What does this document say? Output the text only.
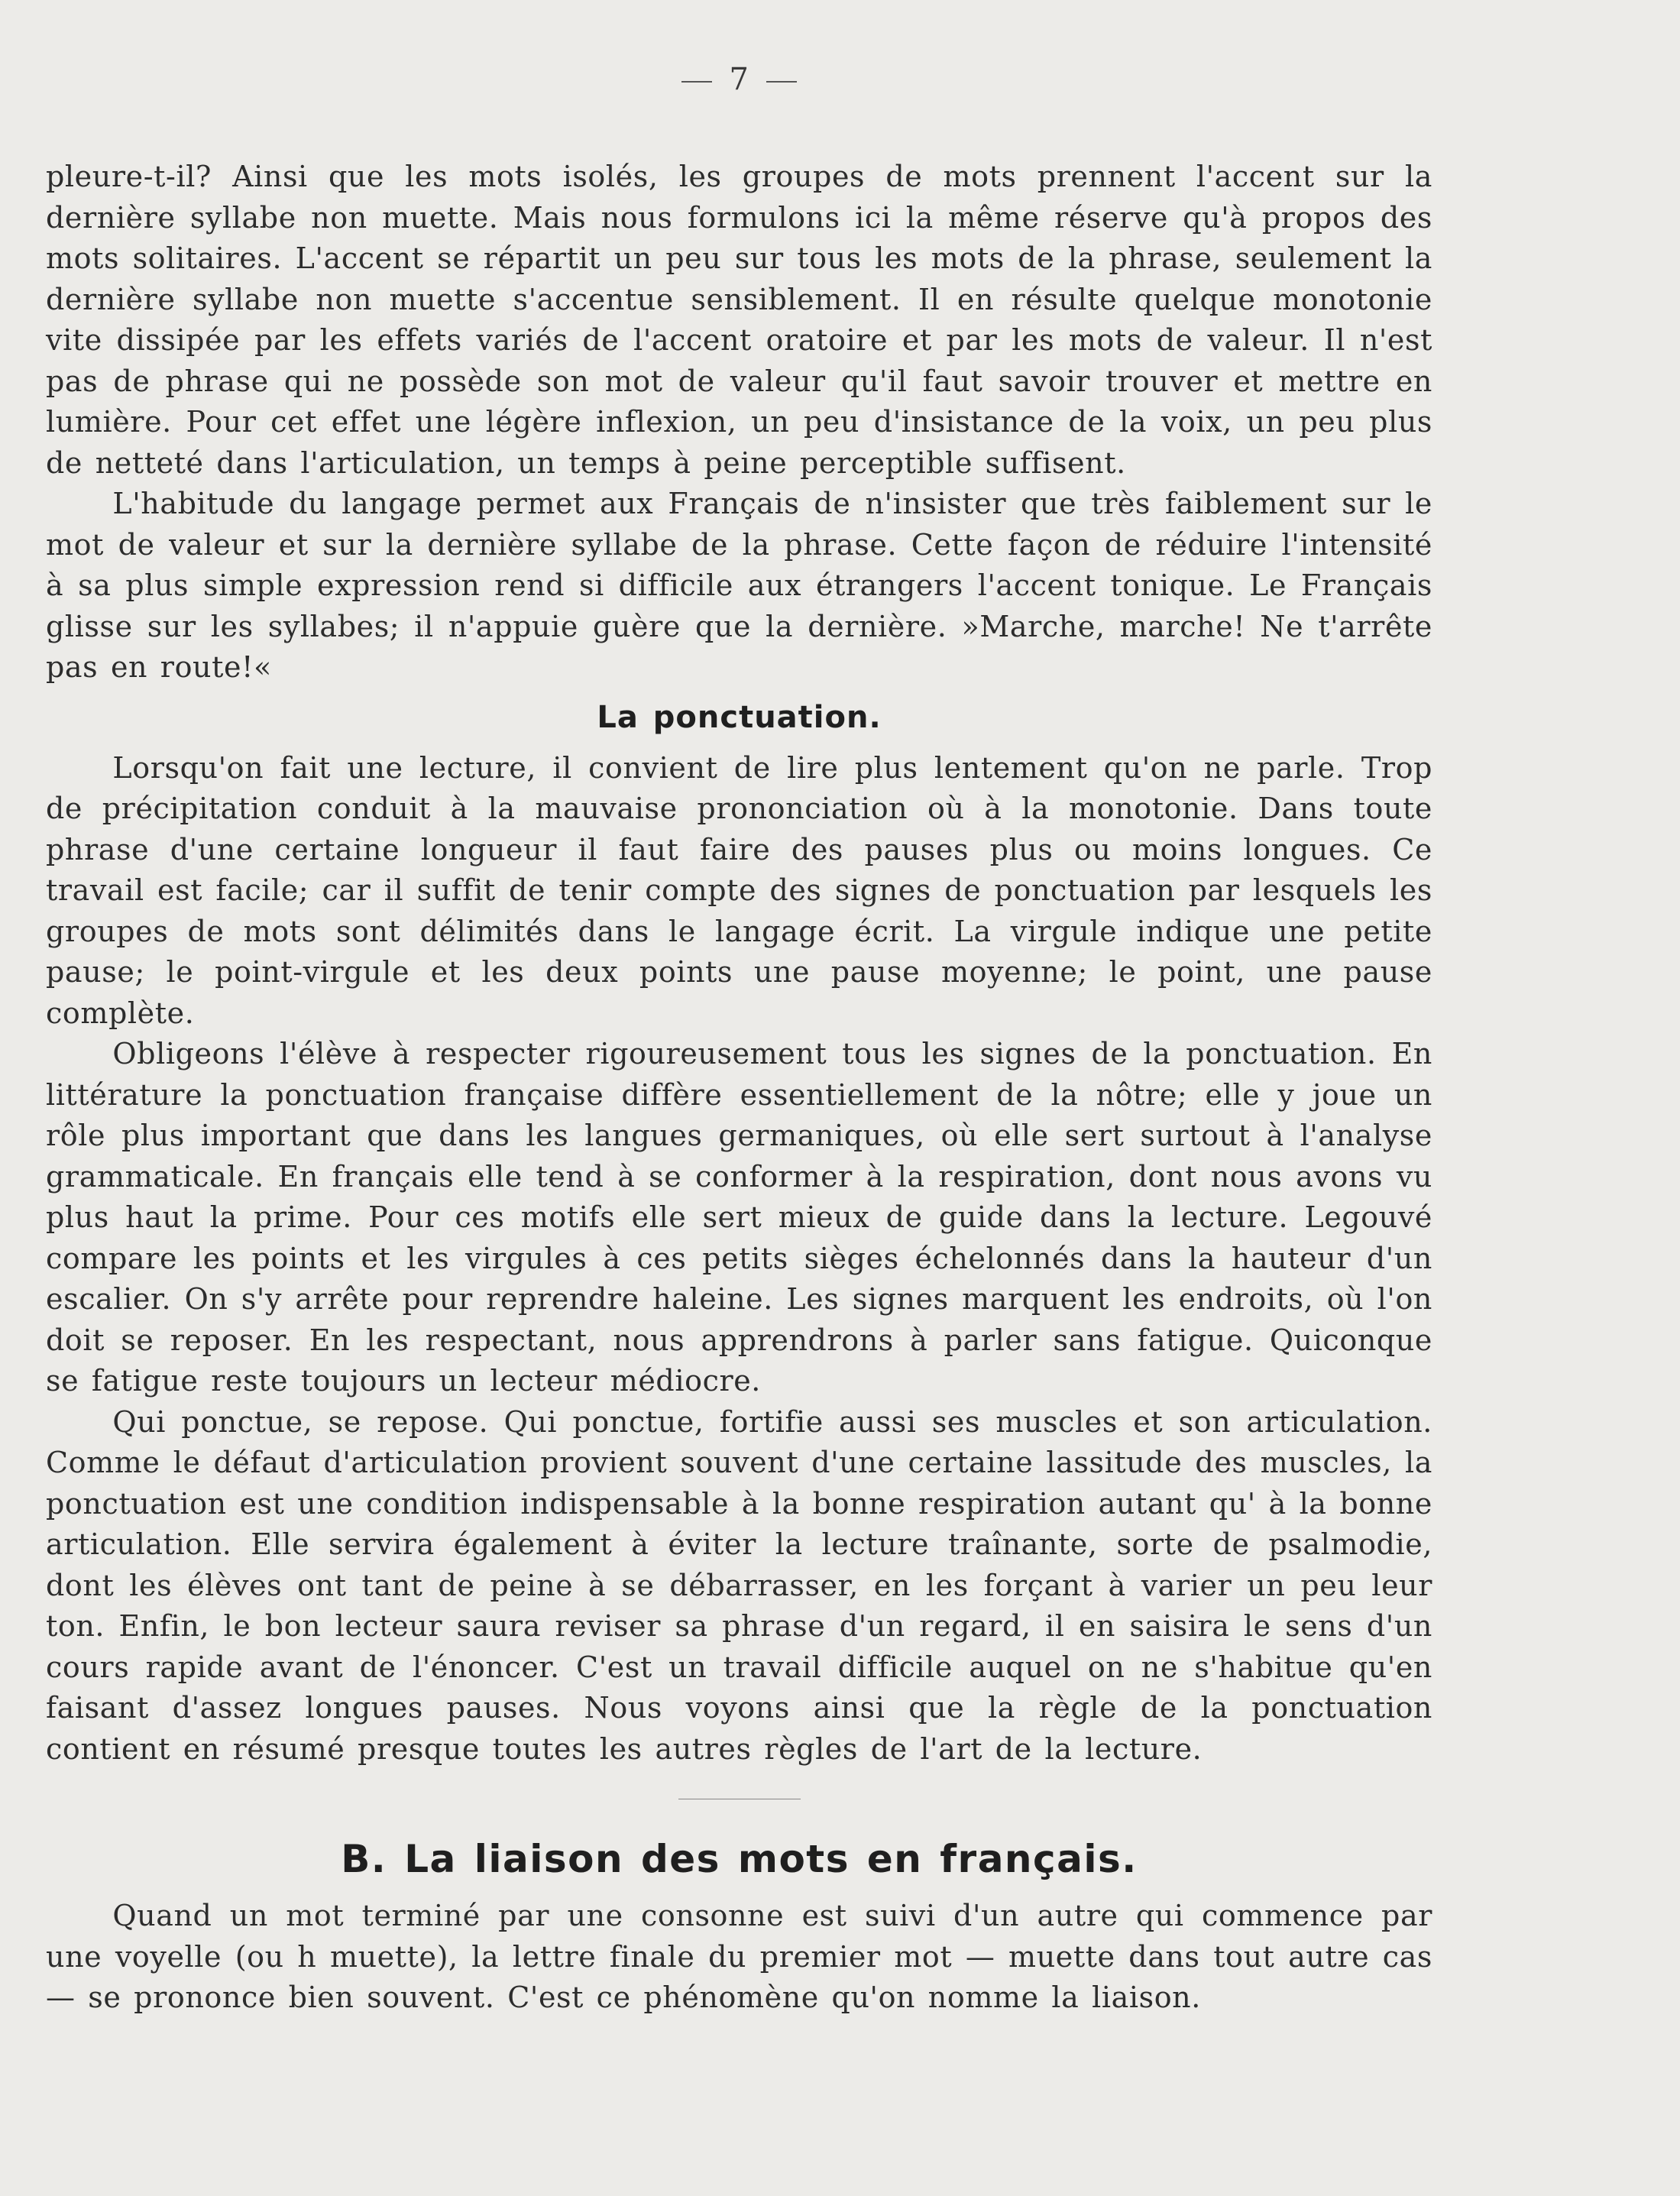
7

pleure-t-il? Ainsi que les mots isolés, les groupes de mots prennent l'accent sur la dernière syllabe non muette. Mais nous formulons ici la même réserve qu'à propos des mots solitaires. L'accent se répartit un peu sur tous les mots de la phrase, seulement la dernière syllabe non muette s'accentue sensiblement. Il en résulte quelque monotonie vite dissipée par les effets variés de l'accent oratoire et par les mots de valeur. Il n'est pas de phrase qui ne possède son mot de valeur qu'il faut savoir trouver et mettre en lumière. Pour cet effet une légère inflexion, un peu d'insistance de la voix, un peu plus de netteté dans l'articulation, un temps à peine perceptible suffisent.

L'habitude du langage permet aux Français de n'insister que très faiblement sur le mot de valeur et sur la dernière syllabe de la phrase. Cette façon de réduire l'intensité à sa plus simple expression rend si difficile aux étrangers l'accent tonique. Le Français glisse sur les syllabes; il n'appuie guère que la dernière. »Marche, marche! Ne t'arrête pas en route!«

La ponctuation.

Lorsqu'on fait une lecture, il convient de lire plus lentement qu'on ne parle. Trop de précipitation conduit à la mauvaise prononciation où à la monotonie. Dans toute phrase d'une certaine longueur il faut faire des pauses plus ou moins longues. Ce travail est facile; car il suffit de tenir compte des signes de ponctuation par lesquels les groupes de mots sont délimités dans le langage écrit. La virgule indique une petite pause; le point-virgule et les deux points une pause moyenne; le point, une pause complète.

Obligeons l'élève à respecter rigoureusement tous les signes de la ponctuation. En littérature la ponctuation française diffère essentiellement de la nôtre; elle y joue un rôle plus important que dans les langues germaniques, où elle sert surtout à l'analyse grammaticale. En français elle tend à se conformer à la respiration, dont nous avons vu plus haut la prime. Pour ces motifs elle sert mieux de guide dans la lecture. Legouvé compare les points et les virgules à ces petits sièges échelonnés dans la hauteur d'un escalier. On s'y arrête pour reprendre haleine. Les signes marquent les endroits, où l'on doit se reposer. En les respectant, nous apprendrons à parler sans fatigue. Quiconque se fatigue reste toujours un lecteur médiocre.

Qui ponctue, se repose. Qui ponctue, fortifie aussi ses muscles et son articulation. Comme le défaut d'articulation provient souvent d'une certaine lassitude des muscles, la ponctuation est une condition indispensable à la bonne respiration autant qu' à la bonne articulation. Elle servira également à éviter la lecture traînante, sorte de psalmodie, dont les élèves ont tant de peine à se débarrasser, en les forçant à varier un peu leur ton. Enfin, le bon lecteur saura reviser sa phrase d'un regard, il en saisira le sens d'un cours rapide avant de l'énoncer. C'est un travail difficile auquel on ne s'habitue qu'en faisant d'assez longues pauses. Nous voyons ainsi que la règle de la ponctuation contient en résumé presque toutes les autres règles de l'art de la lecture.

B. La liaison des mots en français.

Quand un mot terminé par une consonne est suivi d'un autre qui commence par une voyelle (ou h muette), la lettre finale du premier mot — muette dans tout autre cas — se prononce bien souvent. C'est ce phénomène qu'on nomme la liaison.
